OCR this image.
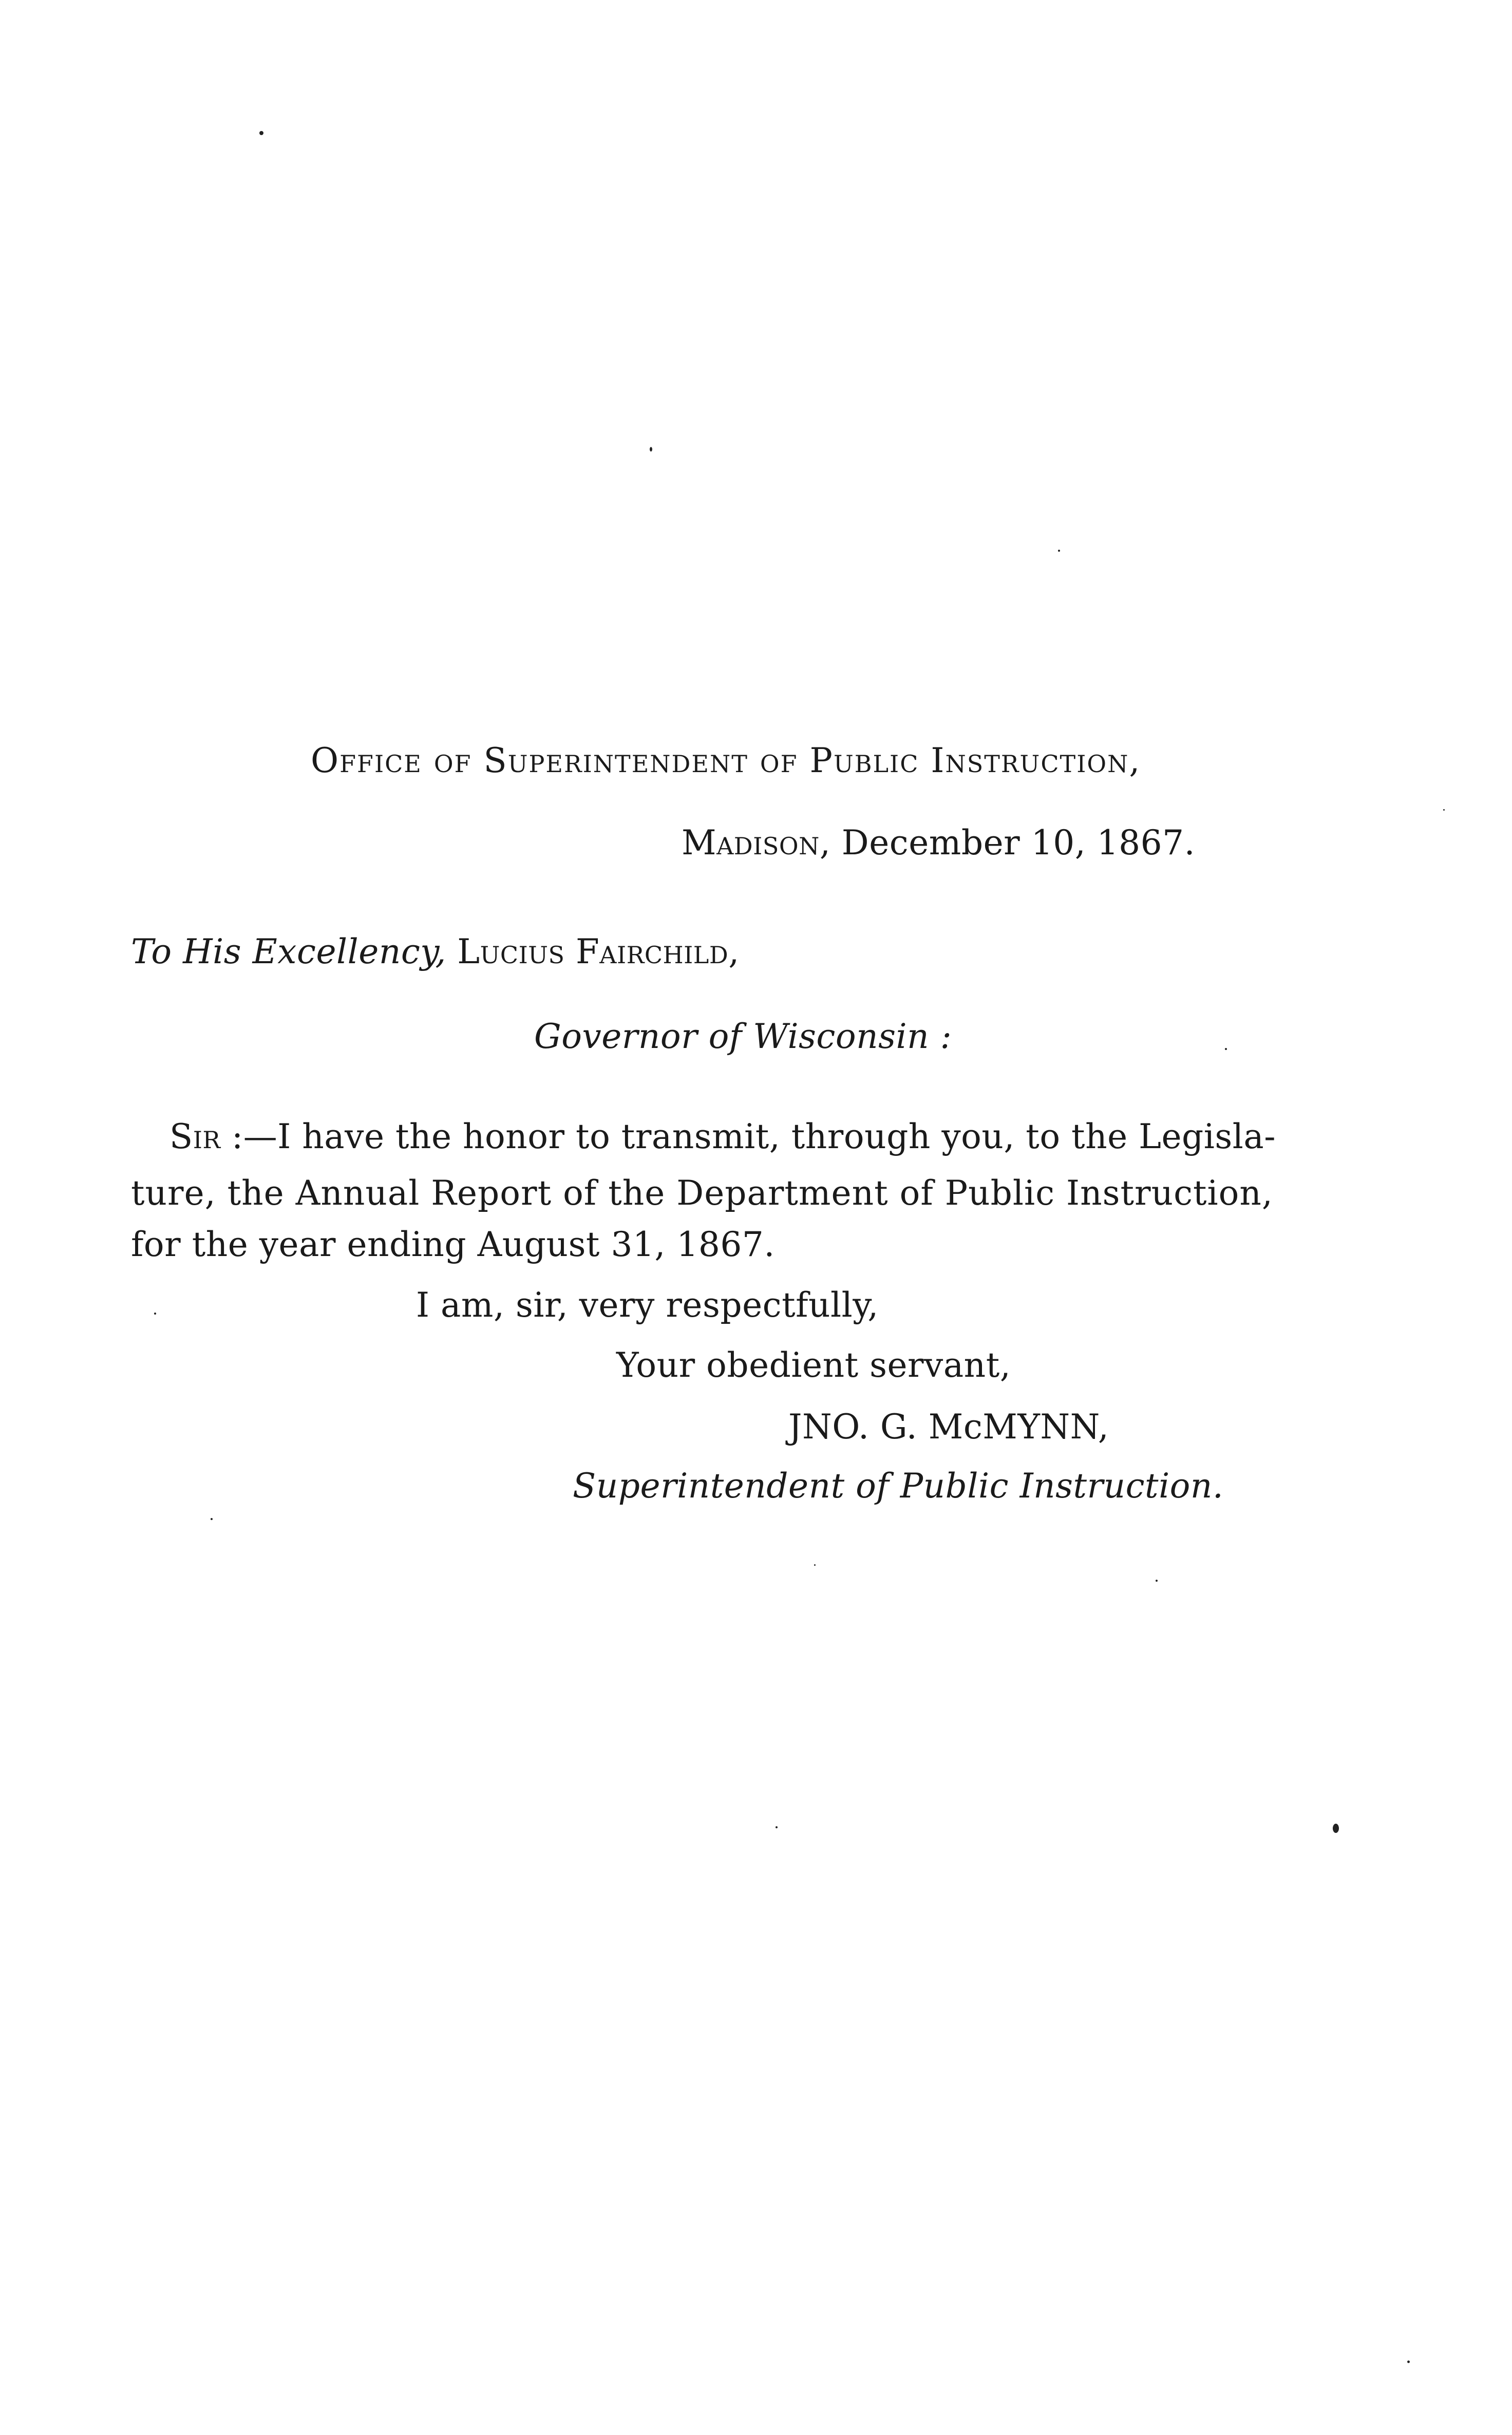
Office of Superintendent of Public Instruction,
Madison, December 10, 1867.
To His Excellency, Lucius Fairchild,
Governor of Wisconsin :
Sir :—I have the honor to transmit, through you, to the Legisla-
ture, the Annual Report of the Department of Public Instruction,
for the year ending August 31, 1867.
I am, sir, very respectfully,
Your obedient servant,
JNO. G. McMYNN,
Superintendent of Public Instruction.
